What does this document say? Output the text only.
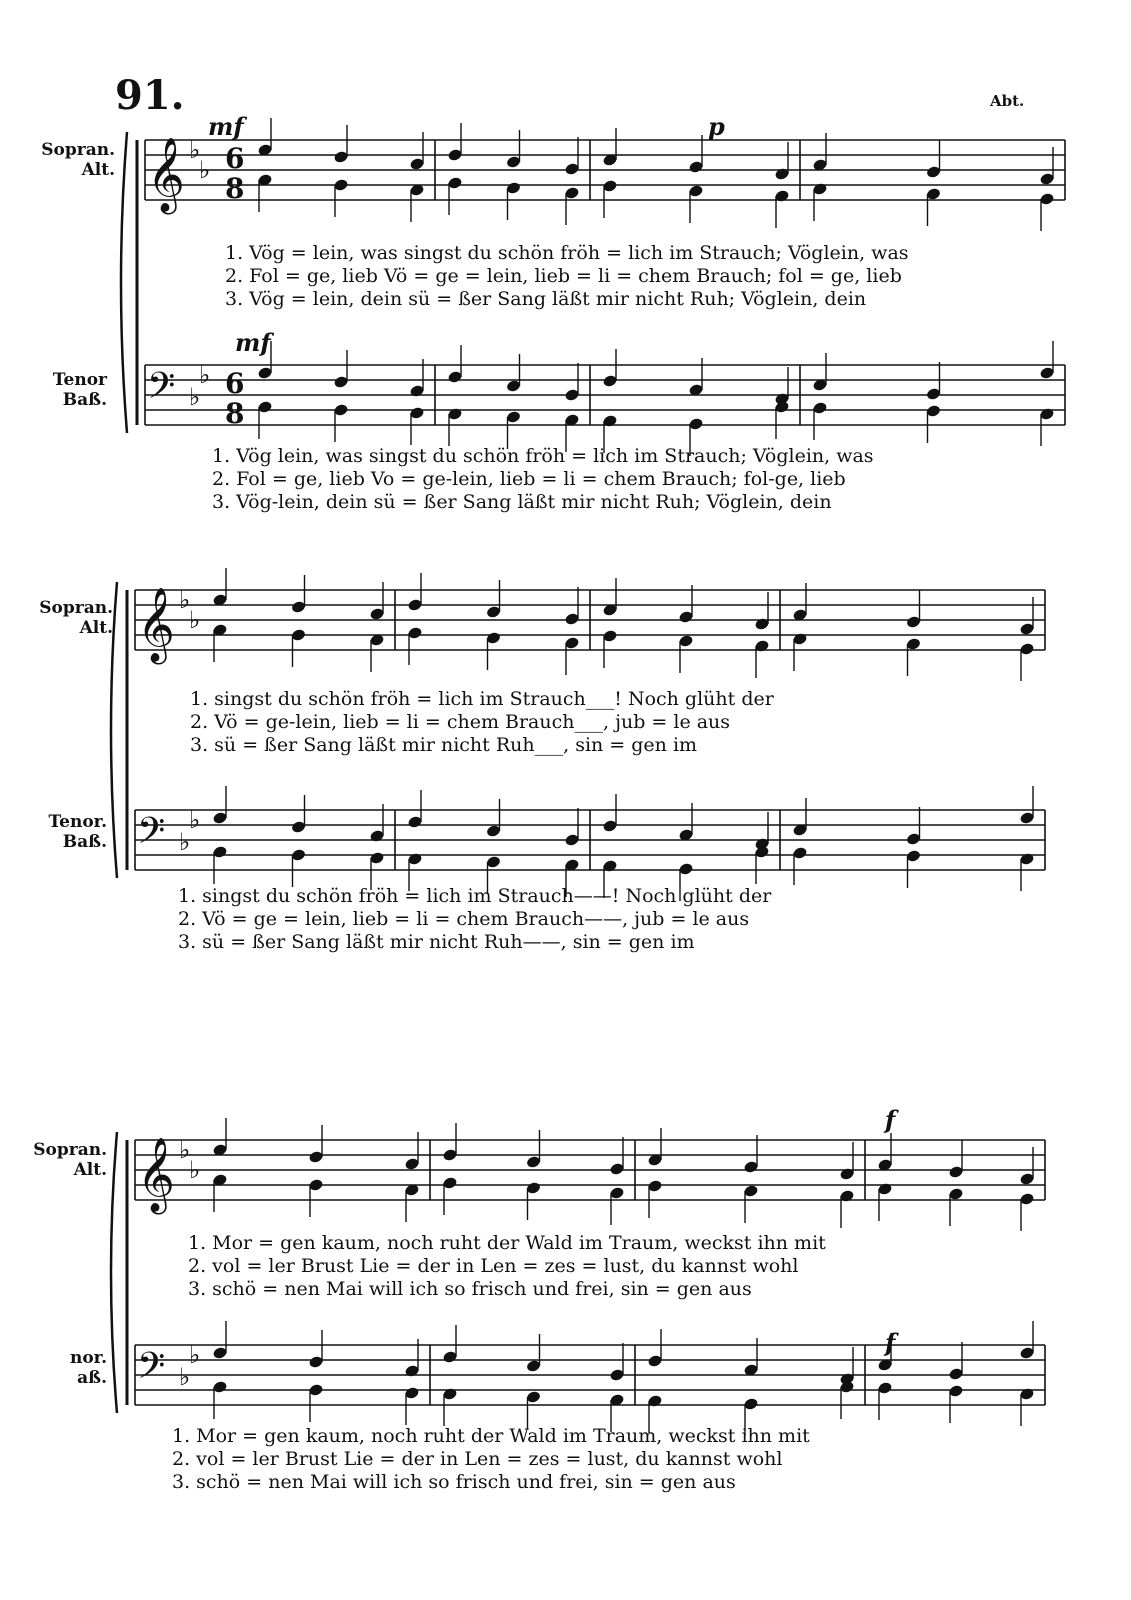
91.	Abt.
Sopran.
Alt.
Tenor
Baß.
Sopran.
Alt.
Tenor.
Baß.
Sopran.
Alt.
nor.
aß.
mf	p
mf
f
f
𝄞 ♭
♭ 6
8
𝄢 ♭
♭ 6
8
𝄞 ♭
♭
𝄢 ♭
♭
𝄞 ♭
♭
𝄢 ♭
♭
1. Vög = lein, was singst du schön fröh = lich im Strauch; Vöglein, was
2. Fol = ge, lieb Vö = ge = lein, lieb = li = chem Brauch; fol = ge, lieb
3. Vög = lein, dein sü = ßer Sang läßt mir nicht Ruh; Vöglein, dein
1. Vög lein, was singst du schön fröh = lich im Strauch; Vöglein, was
2. Fol = ge, lieb Vo = ge-lein, lieb = li = chem Brauch; fol-ge, lieb
3. Vög-lein, dein sü = ßer Sang läßt mir nicht Ruh; Vöglein, dein
1. singst du schön fröh = lich im Strauch___! Noch glüht der
2. Vö = ge-lein, lieb = li = chem Brauch___, jub = le aus
3. sü = ßer Sang läßt mir nicht Ruh___, sin = gen im
1. singst du schön fröh = lich im Strauch——! Noch glüht der
2. Vö = ge = lein, lieb = li = chem Brauch——, jub = le aus
3. sü = ßer Sang läßt mir nicht Ruh——, sin = gen im
1. Mor = gen kaum, noch ruht der Wald im Traum, weckst ihn mit
2. vol = ler Brust Lie = der in Len = zes = lust, du kannst wohl
3. schö = nen Mai will ich so frisch und frei, sin = gen aus
1. Mor = gen kaum, noch ruht der Wald im Traum, weckst ihn mit
2. vol = ler Brust Lie = der in Len = zes = lust, du kannst wohl
3. schö = nen Mai will ich so frisch und frei, sin = gen aus
